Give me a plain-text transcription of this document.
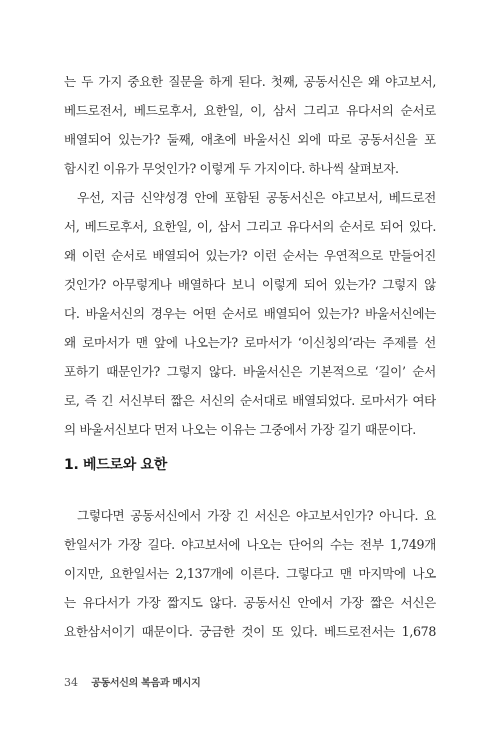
는 두 가지 중요한 질문을 하게 된다. 첫째, 공동서신은 왜 야고보서,
베드로전서, 베드로후서, 요한일, 이, 삼서 그리고 유다서의 순서로
배열되어 있는가? 둘째, 애초에 바울서신 외에 따로 공동서신을 포
함시킨 이유가 무엇인가? 이렇게 두 가지이다. 하나씩 살펴보자.
우선, 지금 신약성경 안에 포함된 공동서신은 야고보서, 베드로전
서, 베드로후서, 요한일, 이, 삼서 그리고 유다서의 순서로 되어 있다.
왜 이런 순서로 배열되어 있는가? 이런 순서는 우연적으로 만들어진
것인가? 아무렇게나 배열하다 보니 이렇게 되어 있는가? 그렇지 않
다. 바울서신의 경우는 어떤 순서로 배열되어 있는가? 바울서신에는
왜 로마서가 맨 앞에 나오는가? 로마서가 ‘이신칭의’라는 주제를 선
포하기 때문인가? 그렇지 않다. 바울서신은 기본적으로 ‘길이’ 순서
로, 즉 긴 서신부터 짧은 서신의 순서대로 배열되었다. 로마서가 여타
의 바울서신보다 먼저 나오는 이유는 그중에서 가장 길기 때문이다.
1. 베드로와 요한
그렇다면 공동서신에서 가장 긴 서신은 야고보서인가? 아니다. 요
한일서가 가장 길다. 야고보서에 나오는 단어의 수는 전부 1,749개
이지만, 요한일서는 2,137개에 이른다. 그렇다고 맨 마지막에 나오
는 유다서가 가장 짧지도 않다. 공동서신 안에서 가장 짧은 서신은
요한삼서이기 때문이다. 궁금한 것이 또 있다. 베드로전서는 1,678
34 공동서신의 복음과 메시지
